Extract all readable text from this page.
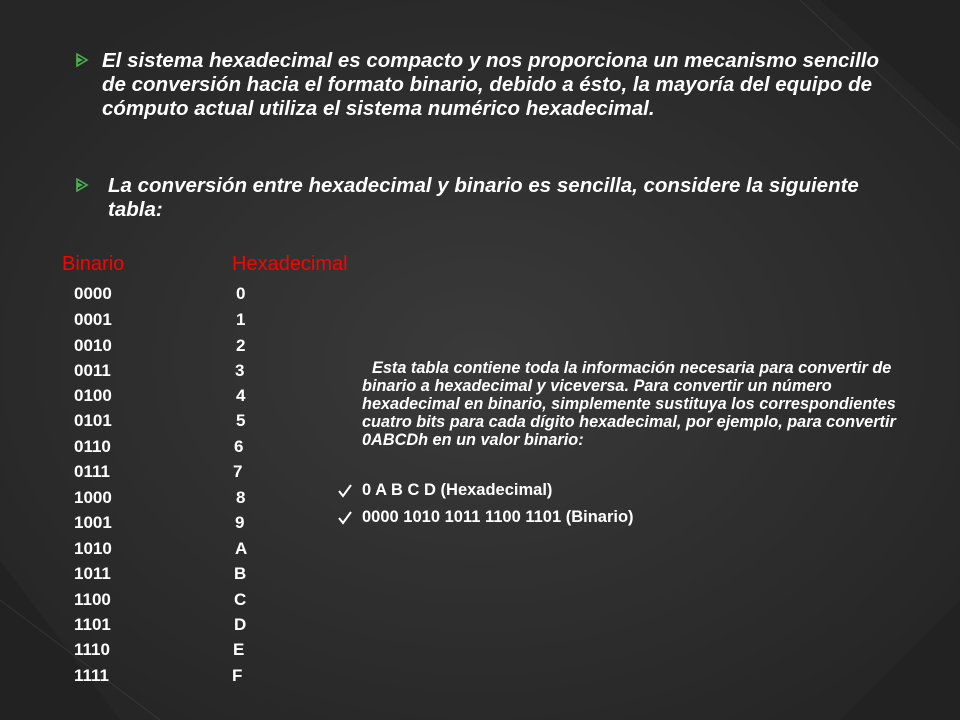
El sistema hexadecimal es compacto y nos proporciona un mecanismo sencillo de conversión hacia el formato binario, debido a ésto, la mayoría del equipo de cómputo actual utiliza el sistema numérico hexadecimal.
La conversión entre hexadecimal y binario es sencilla, considere la siguiente tabla:
Binario	Hexadecimal
0000	0
0001	1
0010	2
0011	3
0100	4
0101	5
0110	6
0111	7
1000	8
1001	9
1010	A
1011	B
1100	C
1101	D
1110	E
1111	F
Esta tabla contiene toda la información necesaria para convertir de binario a hexadecimal y viceversa. Para convertir un número hexadecimal en binario, simplemente sustituya los correspondientes cuatro bits para cada dígito hexadecimal, por ejemplo, para convertir 0ABCDh en un valor binario:
0 A B C D (Hexadecimal)
0000 1010 1011 1100 1101 (Binario)
